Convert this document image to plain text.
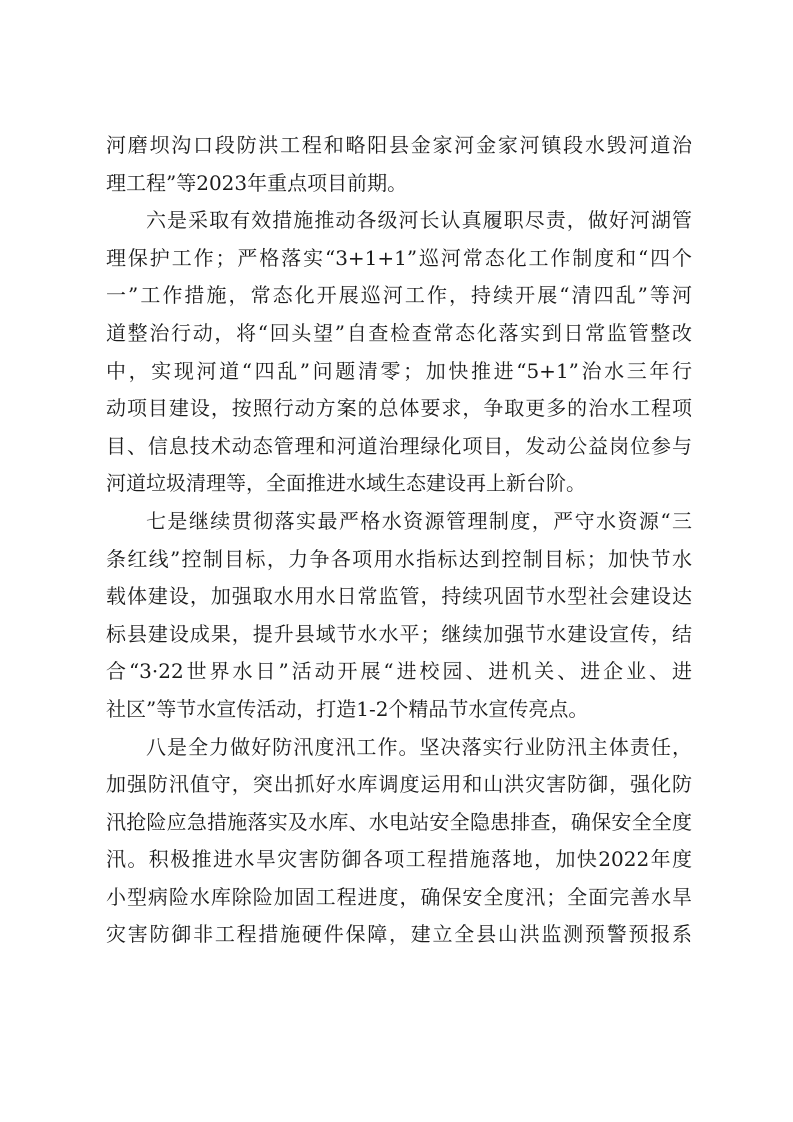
河磨坝沟口段防洪工程和略阳县金家河金家河镇段水毁河道治
理工程”等2023年重点项目前期。
六是采取有效措施推动各级河长认真履职尽责，做好河湖管
理保护工作；严格落实“3+1+1”巡河常态化工作制度和“四个
一”工作措施，常态化开展巡河工作，持续开展“清四乱”等河
道整治行动，将“回头望”自查检查常态化落实到日常监管整改
中，实现河道“四乱”问题清零；加快推进“5+1”治水三年行
动项目建设，按照行动方案的总体要求，争取更多的治水工程项
目、信息技术动态管理和河道治理绿化项目，发动公益岗位参与
河道垃圾清理等，全面推进水域生态建设再上新台阶。
七是继续贯彻落实最严格水资源管理制度，严守水资源“三
条红线”控制目标，力争各项用水指标达到控制目标；加快节水
载体建设，加强取水用水日常监管，持续巩固节水型社会建设达
标县建设成果，提升县域节水水平；继续加强节水建设宣传，结
合“3·22世界水日”活动开展“进校园、进机关、进企业、进
社区”等节水宣传活动，打造1-2个精品节水宣传亮点。
八是全力做好防汛度汛工作。坚决落实行业防汛主体责任，
加强防汛值守，突出抓好水库调度运用和山洪灾害防御，强化防
汛抢险应急措施落实及水库、水电站安全隐患排查，确保安全全度
汛。积极推进水旱灾害防御各项工程措施落地，加快2022年度
小型病险水库除险加固工程进度，确保安全度汛；全面完善水旱
灾害防御非工程措施硬件保障，建立全县山洪监测预警预报系
